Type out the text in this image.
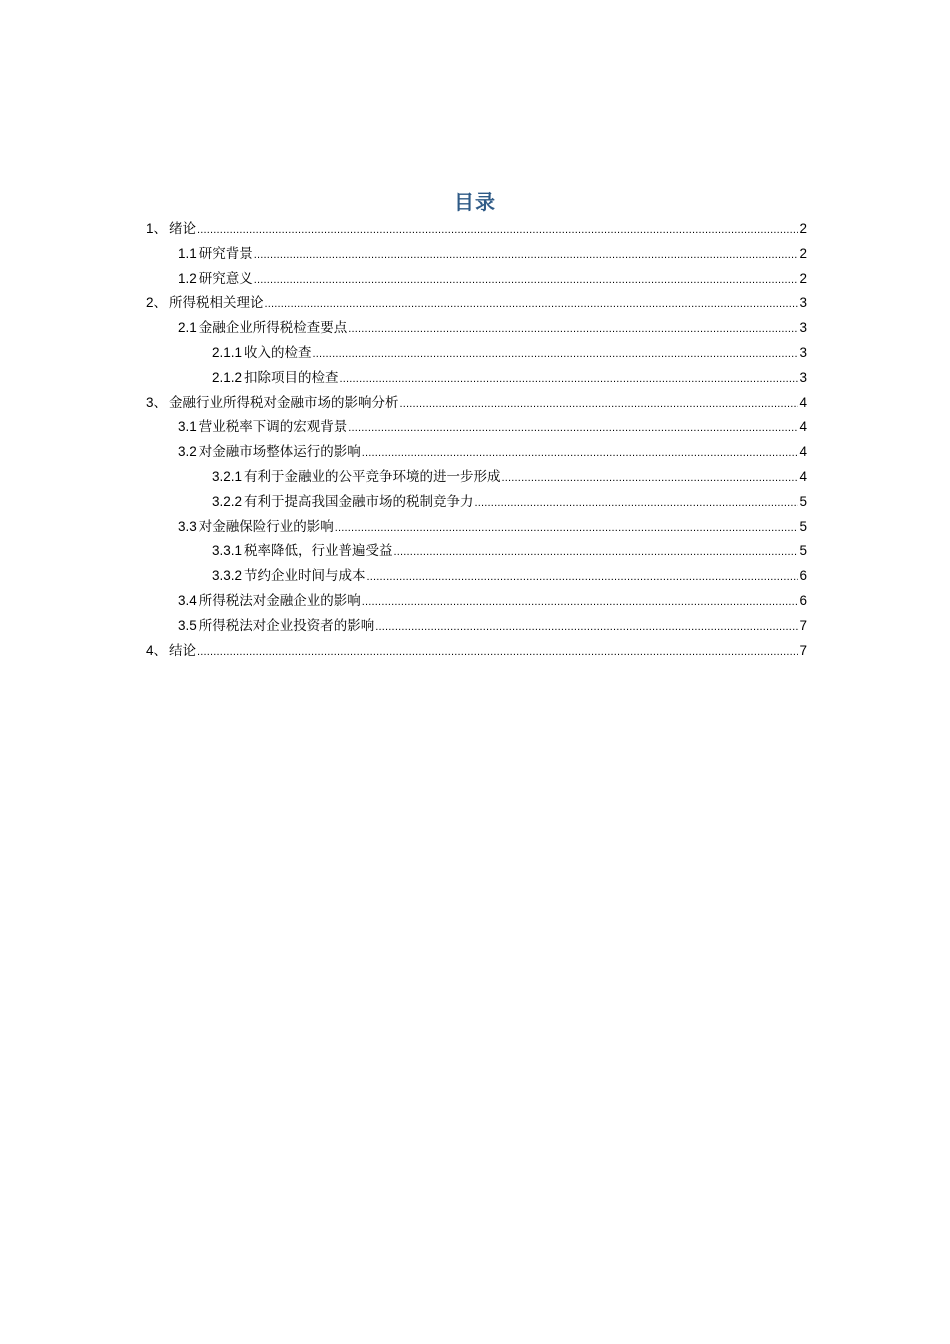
目录
1、 绪论 .....	2
1.1 研究背景 .....	2
1.2 研究意义 .....	2
2、 所得税相关理论 .....	3
2.1 金融企业所得税检查要点 .....	3
2.1.1 收入的检查 .....	3
2.1.2 扣除项目的检查 .....	3
3、 金融行业所得税对金融市场的影响分析 .....	4
3.1 营业税率下调的宏观背景 .....	4
3.2 对金融市场整体运行的影响 .....	4
3.2.1 有利于金融业的公平竞争环境的进一步形成 .....	4
3.2.2 有利于提高我国金融市场的税制竞争力 .....	5
3.3 对金融保险行业的影响 .....	5
3.3.1 税率降低，行业普遍受益 .....	5
3.3.2 节约企业时间与成本 .....	6
3.4 所得税法对金融企业的影响 .....	6
3.5 所得税法对企业投资者的影响 .....	7
4、 结论 .....	7
